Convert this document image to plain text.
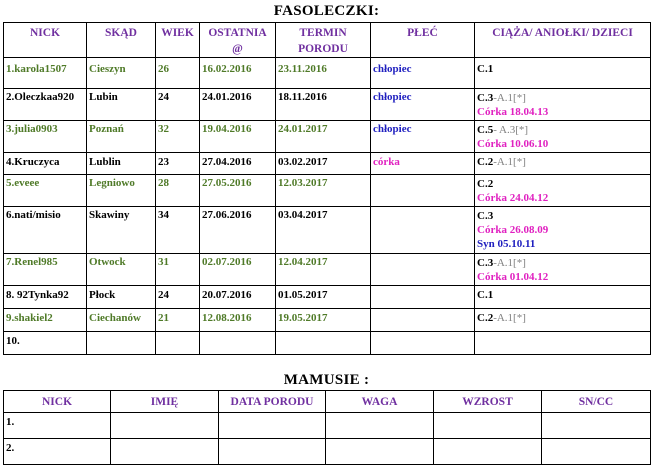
FASOLECZKI:
NICK	SKĄD	WIEK	OSTATNIA @	TERMIN PORODU	PŁEĆ	CIĄŻA/ ANIOŁKI/ DZIECI
1.karola1507	Cieszyn	26	16.02.2016	23.11.2016	chłopiec	C.1
2.Oleczkaa920	Lubin	24	24.01.2016	18.11.2016	chłopiec	C.3-A.1[*]
Córka 18.04.13

3.julia0903	Poznań	32	19.04.2016	24.01.2017	chłopiec	C.5- A.3[*]
Córka 10.06.10

4.Kruczyca	Lublin	23	27.04.2016	03.02.2017	córka	C.2-A.1[*]
5.eveee	Legniowo	28	27.05.2016	12.03.2017		C.2
Córka 24.04.12

6.nati/misio	Skawiny	34	27.06.2016	03.04.2017		C.3
Córka 26.08.09
Syn 05.10.11

7.Renel985	Otwock	31	02.07.2016	12.04.2017		C.3-A.1[*]
Córka 01.04.12

8. 92Tynka92	Płock	24	20.07.2016	01.05.2017		C.1
9.shakiel2	Ciechanów	21	12.08.2016	19.05.2017		C.2-A.1[*]
10.						
MAMUSIE :
NICK	IMIĘ	DATA PORODU	WAGA	WZROST	SN/CC
1.					
2.					
